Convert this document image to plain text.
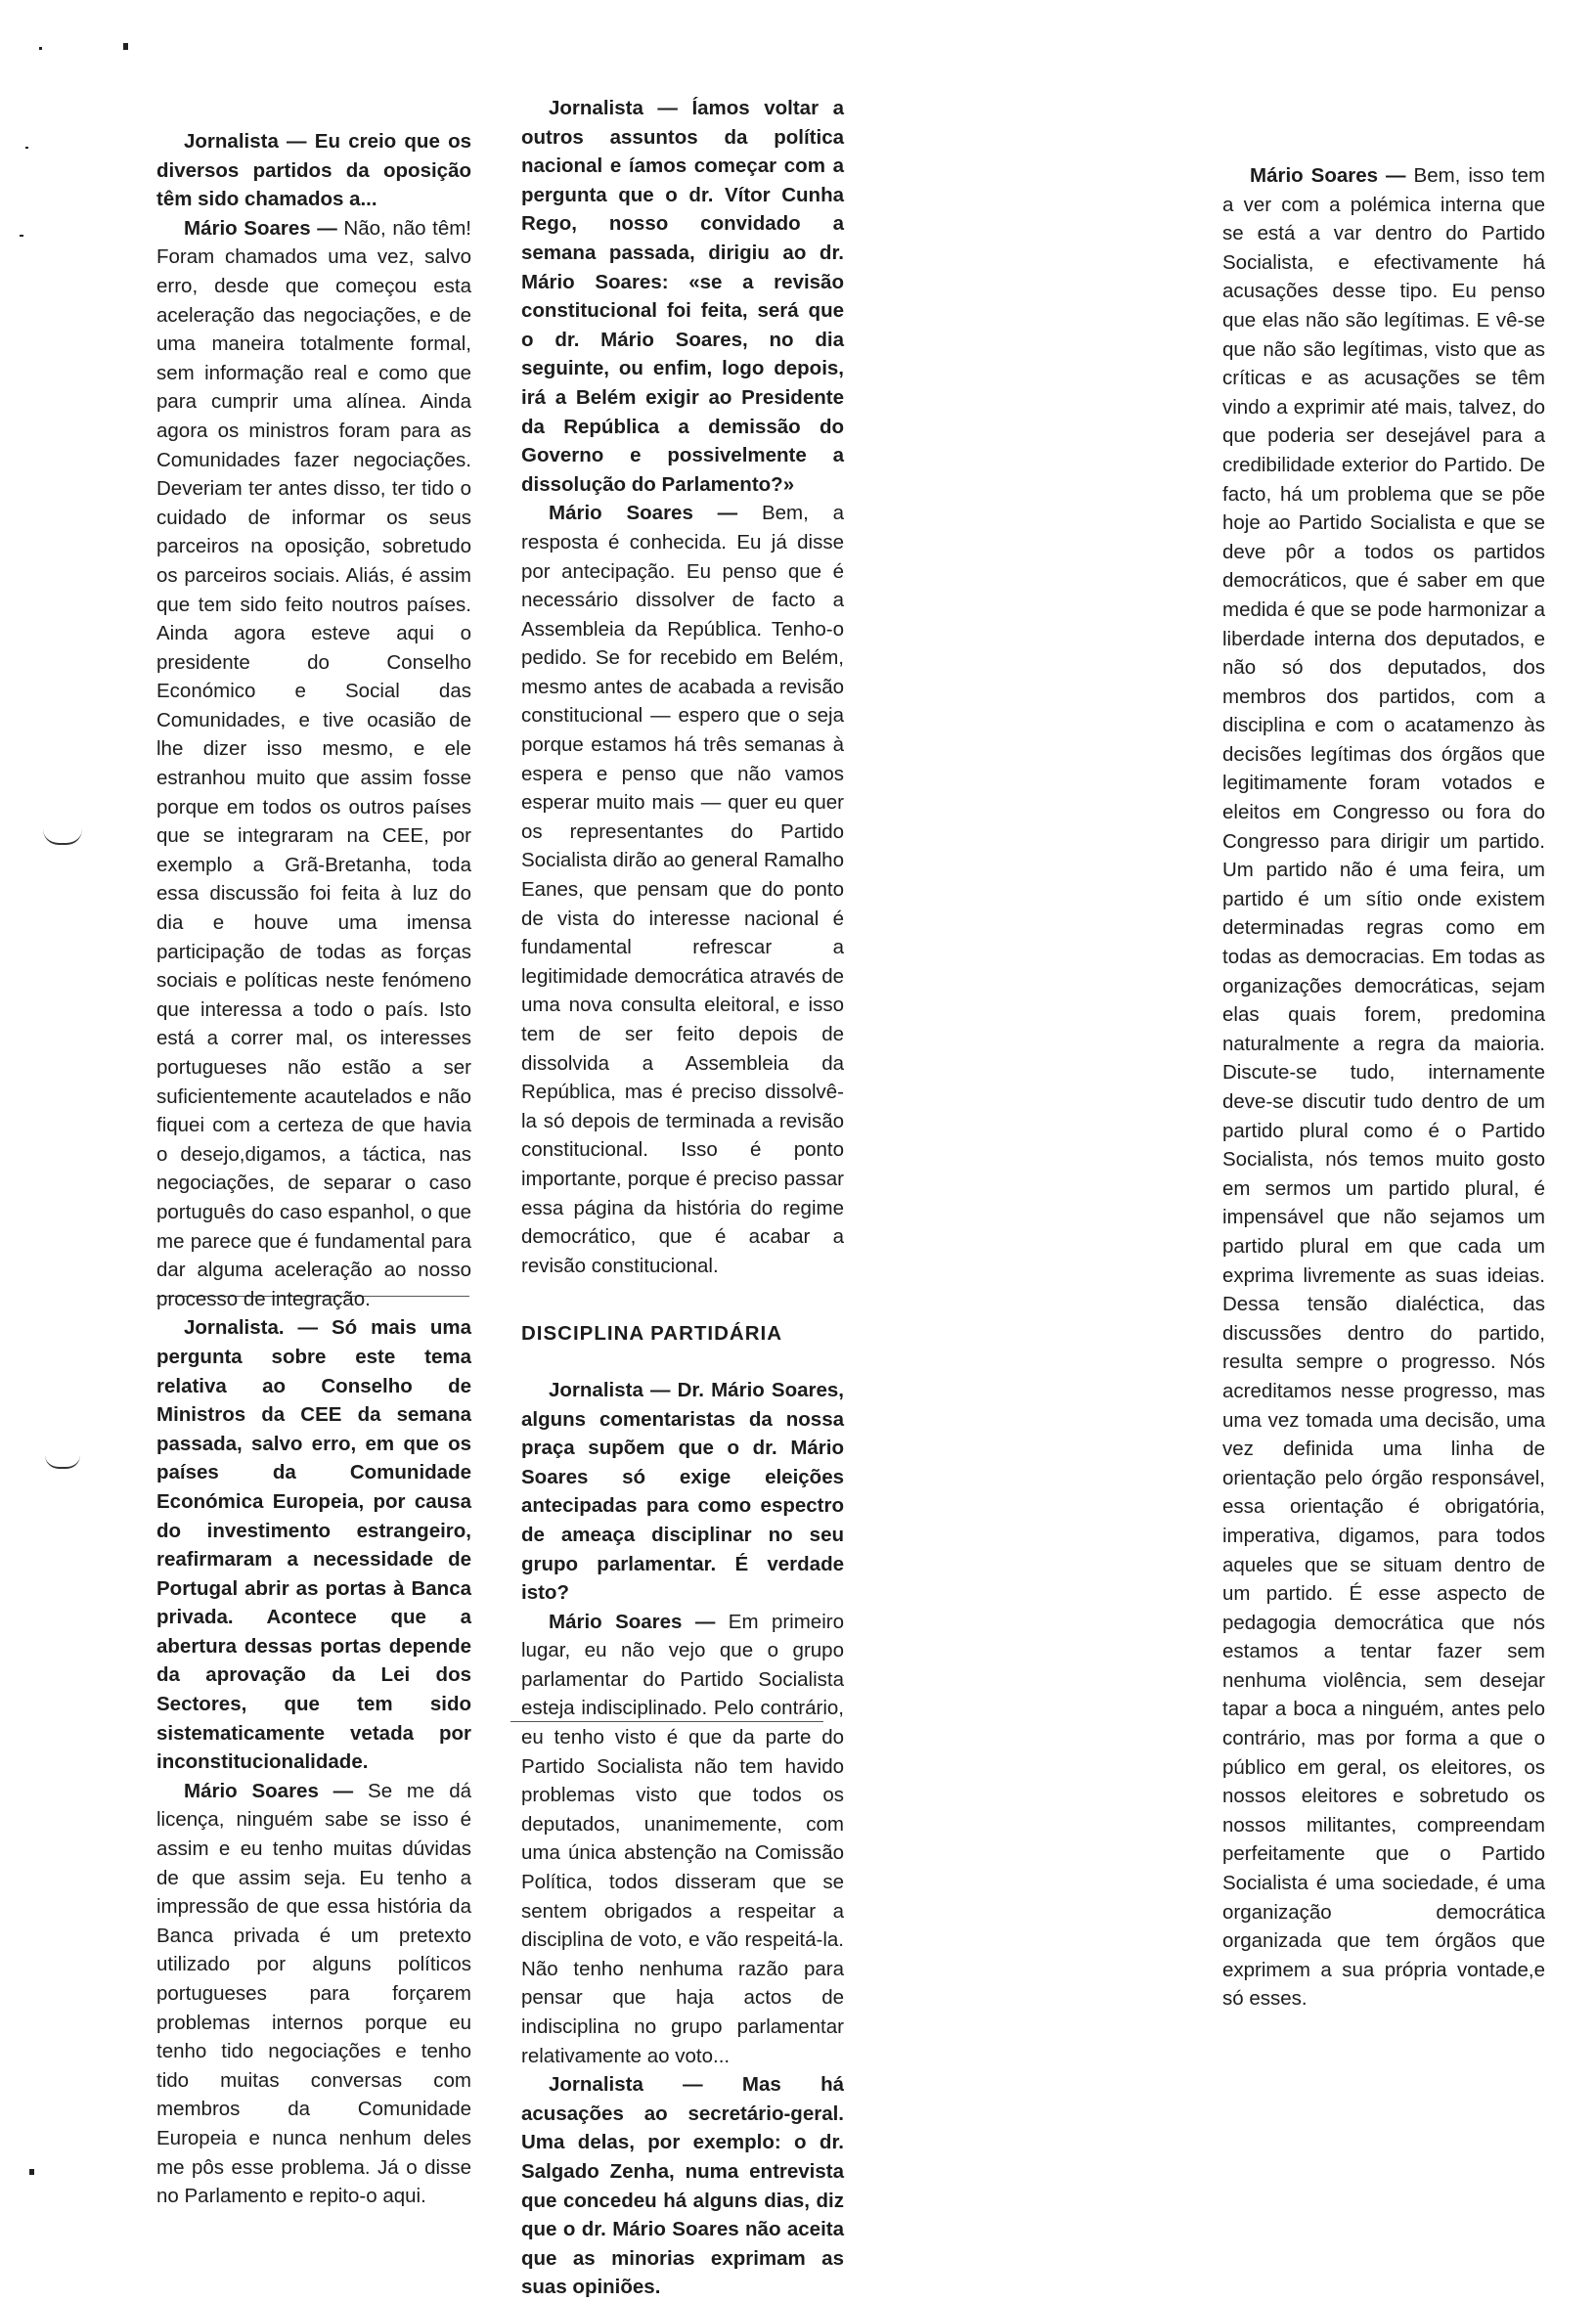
Jornalista — Eu creio que os diversos partidos da oposição têm sido chamados a...

Mário Soares — Não, não têm! Foram chamados uma vez, salvo erro, desde que começou esta aceleração das negociações, e de uma maneira totalmente formal, sem informação real e como que para cumprir uma alínea. Ainda agora os ministros foram para as Comunidades fazer negociações. Deveriam ter antes disso, ter tido o cuidado de informar os seus parceiros na oposição, sobretudo os parceiros sociais. Aliás, é assim que tem sido feito noutros países. Ainda agora esteve aqui o presidente do Conselho Económico e Social das Comunidades, e tive ocasião de lhe dizer isso mesmo, e ele estranhou muito que assim fosse porque em todos os outros países que se integraram na CEE, por exemplo a Grã-Bretanha, toda essa discussão foi feita à luz do dia e houve uma imensa participação de todas as forças sociais e políticas neste fenómeno que interessa a todo o país. Isto está a correr mal, os interesses portugueses não estão a ser suficientemente acautelados e não fiquei com a certeza de que havia o desejo,digamos, a táctica, nas negociações, de separar o caso português do caso espanhol, o que me parece que é fundamental para dar alguma aceleração ao nosso processo de integração.

Jornalista. — Só mais uma pergunta sobre este tema relativa ao Conselho de Ministros da CEE da semana passada, salvo erro, em que os países da Comunidade Económica Europeia, por causa do investimento estrangeiro, reafirmaram a necessidade de Portugal abrir as portas à Banca privada. Acontece que a abertura dessas portas depende da aprovação da Lei dos Sectores, que tem sido sistematicamente vetada por inconstitucionalidade.

Mário Soares — Se me dá licença, ninguém sabe se isso é assim e eu tenho muitas dúvidas de que assim seja. Eu tenho a impressão de que essa história da Banca privada é um pretexto utilizado por alguns políticos portugueses para forçarem problemas internos porque eu tenho tido negociações e tenho tido muitas conversas com membros da Comunidade Europeia e nunca nenhum deles me pôs esse problema. Já o disse no Parlamento e repito-o aqui.

Jornalista — Íamos voltar a outros assuntos da política nacional e íamos começar com a pergunta que o dr. Vítor Cunha Rego, nosso convidado a semana passada, dirigiu ao dr. Mário Soares: «se a revisão constitucional foi feita, será que o dr. Mário Soares, no dia seguinte, ou enfim, logo depois, irá a Belém exigir ao Presidente da República a demissão do Governo e possivelmente a dissolução do Parlamento?»

Mário Soares — Bem, a resposta é conhecida. Eu já disse por antecipação. Eu penso que é necessário dissolver de facto a Assembleia da República. Tenho-o pedido. Se for recebido em Belém, mesmo antes de acabada a revisão constitucional — espero que o seja porque estamos há três semanas à espera e penso que não vamos esperar muito mais — quer eu quer os representantes do Partido Socialista dirão ao general Ramalho Eanes, que pensam que do ponto de vista do interesse nacional é fundamental refrescar a legitimidade democrática através de uma nova consulta eleitoral, e isso tem de ser feito depois de dissolvida a Assembleia da República, mas é preciso dissolvê-la só depois de terminada a revisão constitucional. Isso é ponto importante, porque é preciso passar essa página da história do regime democrático, que é acabar a revisão constitucional.

DISCIPLINA PARTIDÁRIA

Jornalista — Dr. Mário Soares, alguns comentaristas da nossa praça supõem que o dr. Mário Soares só exige eleições antecipadas para como espectro de ameaça disciplinar no seu grupo parlamentar. É verdade isto?

Mário Soares — Em primeiro lugar, eu não vejo que o grupo parlamentar do Partido Socialista esteja indisciplinado. Pelo contrário, eu tenho visto é que da parte do Partido Socialista não tem havido problemas visto que todos os deputados, unanimemente, com uma única abstenção na Comissão Política, todos disseram que se sentem obrigados a respeitar a disciplina de voto, e vão respeitá-la. Não tenho nenhuma razão para pensar que haja actos de indisciplina no grupo parlamentar relativamente ao voto...

Jornalista — Mas há acusações ao secretário-geral. Uma delas, por exemplo: o dr. Salgado Zenha, numa entrevista que concedeu há alguns dias, diz que o dr. Mário Soares não aceita que as minorias exprimam as suas opiniões.

Mário Soares — Bem, isso tem a ver com a polémica interna que se está a var dentro do Partido Socialista, e efectivamente há acusações desse tipo. Eu penso que elas não são legítimas. E vê-se que não são legítimas, visto que as críticas e as acusações se têm vindo a exprimir até mais, talvez, do que poderia ser desejável para a credibilidade exterior do Partido. De facto, há um problema que se põe hoje ao Partido Socialista e que se deve pôr a todos os partidos democráticos, que é saber em que medida é que se pode harmonizar a liberdade interna dos deputados, e não só dos deputados, dos membros dos partidos, com a disciplina e com o acatamenzo às decisões legítimas dos órgãos que legitimamente foram votados e eleitos em Congresso ou fora do Congresso para dirigir um partido. Um partido não é uma feira, um partido é um sítio onde existem determinadas regras como em todas as democracias. Em todas as organizações democráticas, sejam elas quais forem, predomina naturalmente a regra da maioria. Discute-se tudo, internamente deve-se discutir tudo dentro de um partido plural como é o Partido Socialista, nós temos muito gosto em sermos um partido plural, é impensável que não sejamos um partido plural em que cada um exprima livremente as suas ideias. Dessa tensão dialéctica, das discussões dentro do partido, resulta sempre o progresso. Nós acreditamos nesse progresso, mas uma vez tomada uma decisão, uma vez definida uma linha de orientação pelo órgão responsável, essa orientação é obrigatória, imperativa, digamos, para todos aqueles que se situam dentro de um partido. É esse aspecto de pedagogia democrática que nós estamos a tentar fazer sem nenhuma violência, sem desejar tapar a boca a ninguém, antes pelo contrário, mas por forma a que o público em geral, os eleitores, os nossos eleitores e sobretudo os nossos militantes, compreendam perfeitamente que o Partido Socialista é uma sociedade, é uma organização democrática organizada que tem órgãos que exprimem a sua própria vontade,e só esses.
